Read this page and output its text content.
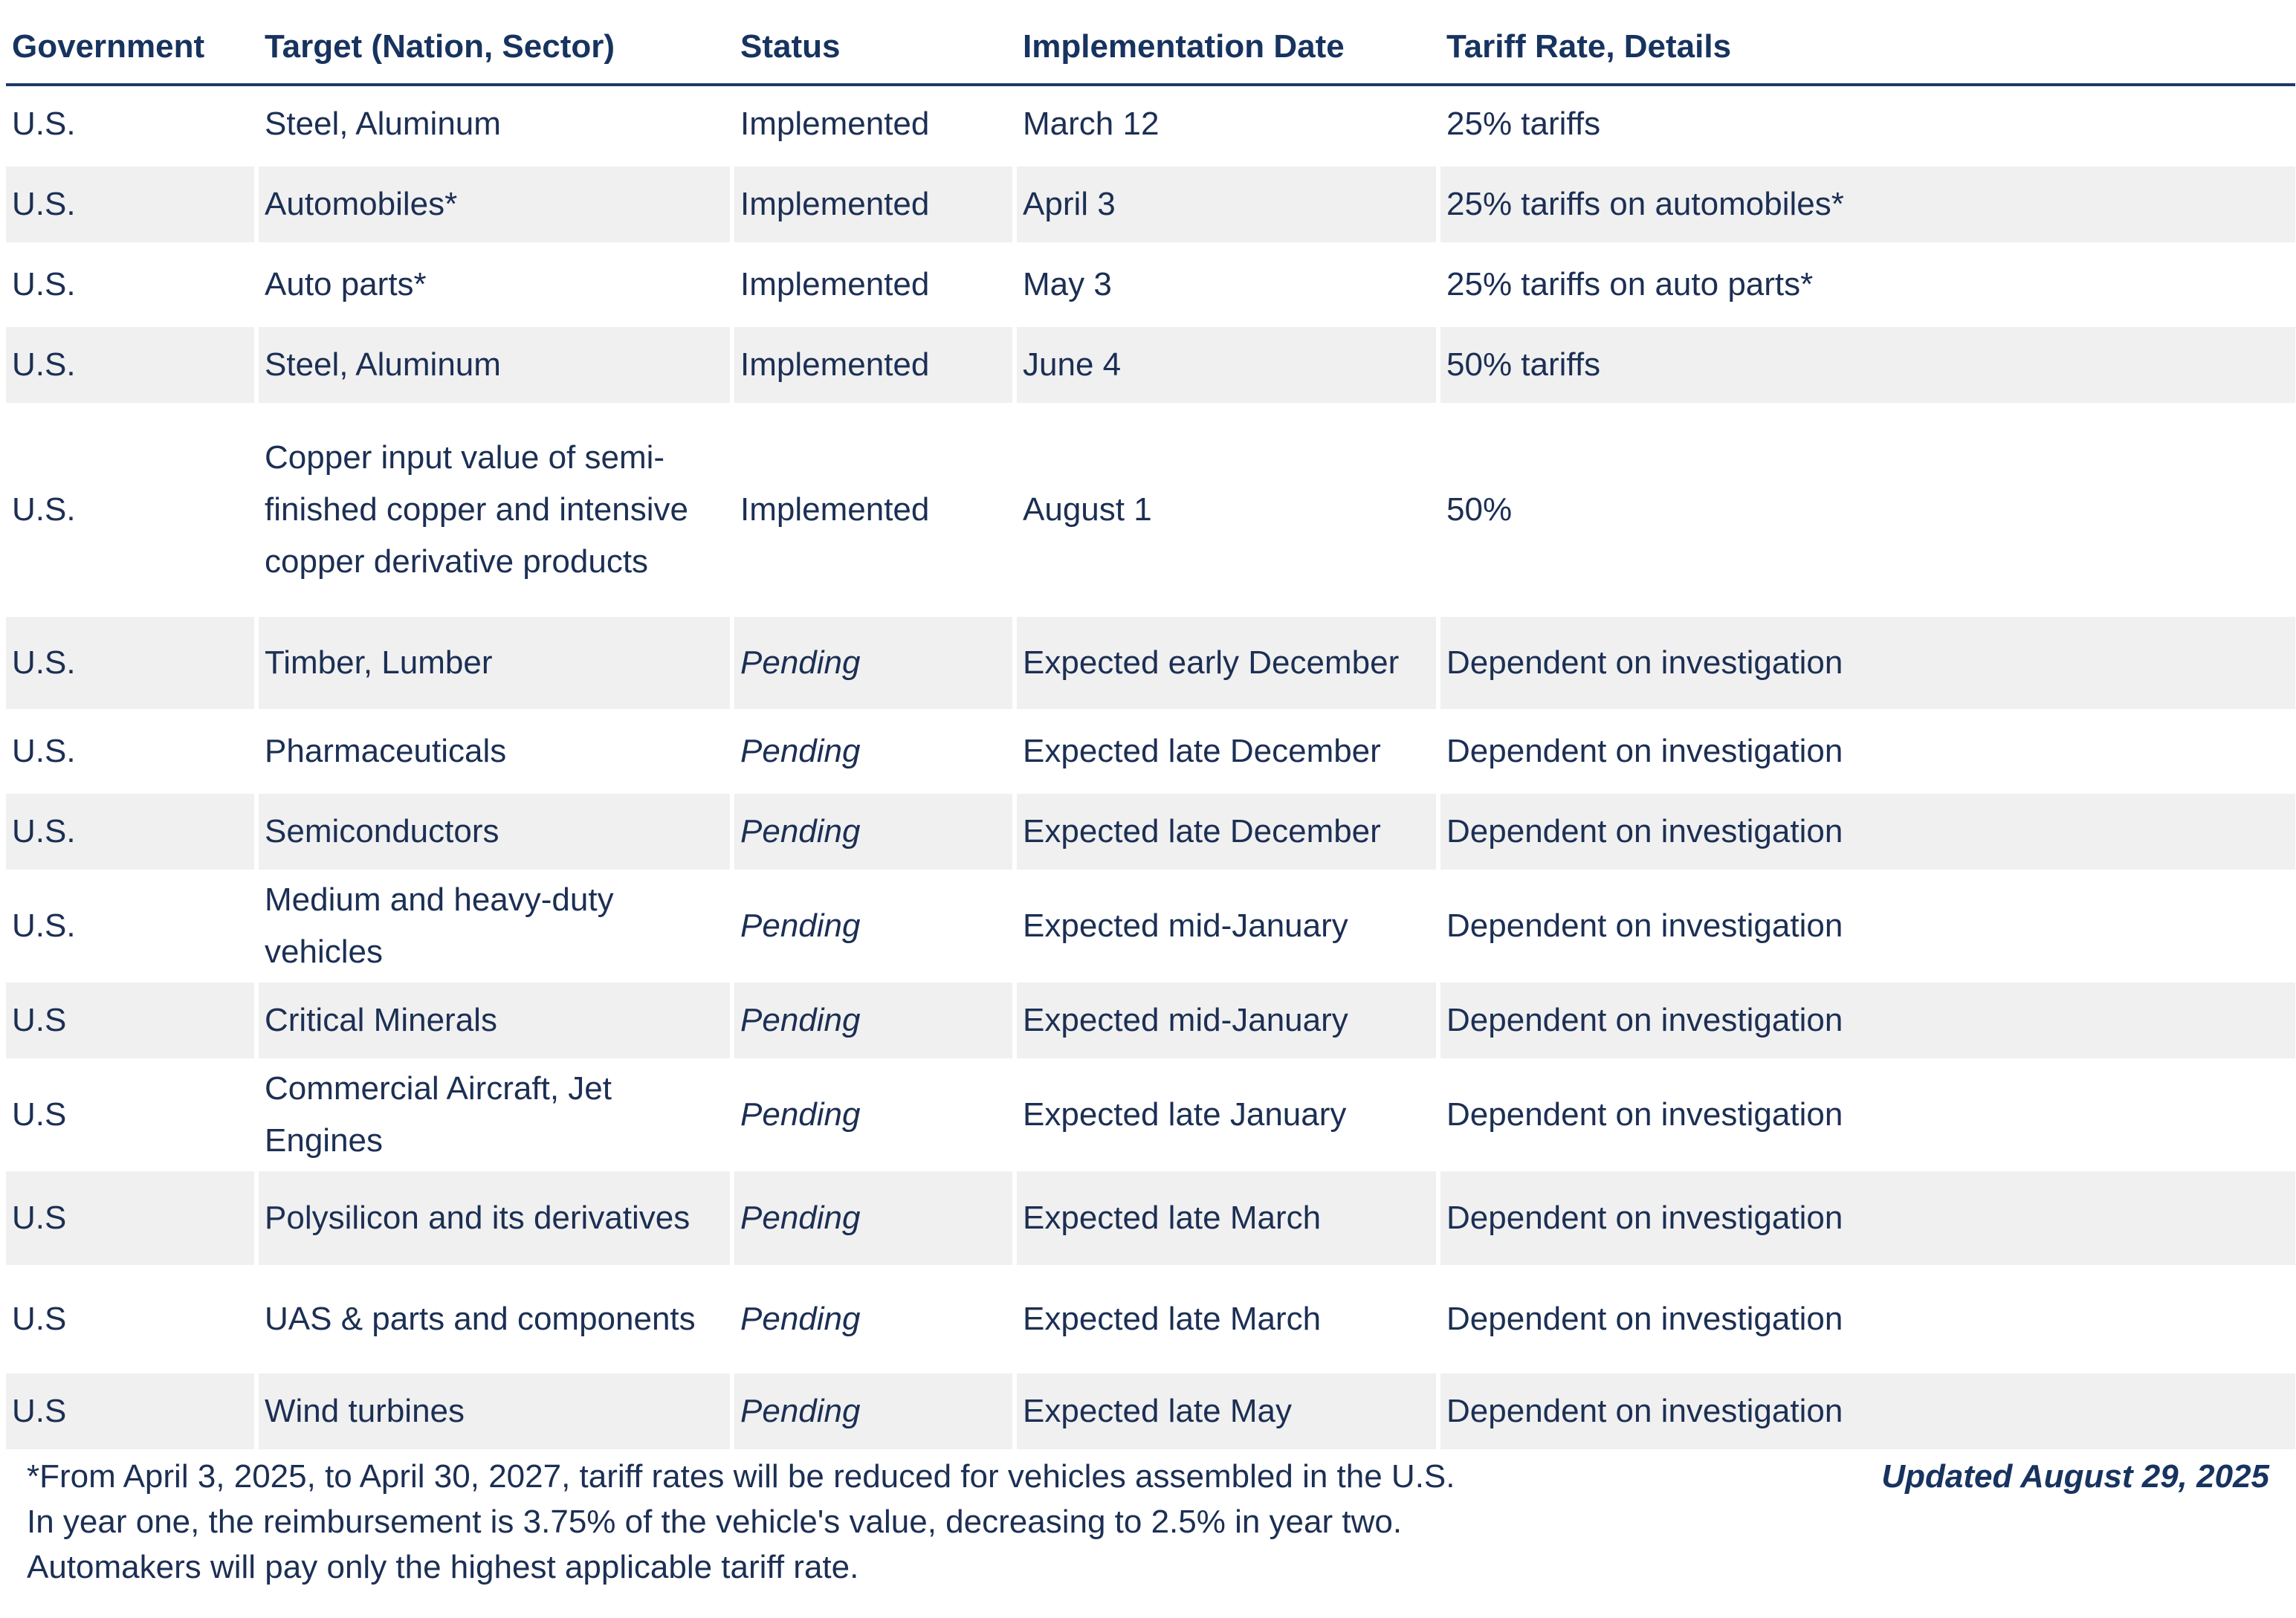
Government	Target (Nation, Sector)	Status	Implementation Date	Tariff Rate, Details
U.S.	Steel, Aluminum	Implemented	March 12	25% tariffs
U.S.	Automobiles*	Implemented	April 3	25% tariffs on automobiles*
U.S.	Auto parts*	Implemented	May 3	25% tariffs on auto parts*
U.S.	Steel, Aluminum	Implemented	June 4	50% tariffs
U.S.	Copper input value of semi-finished copper and intensive copper derivative products	Implemented	August 1	50%
U.S.	Timber, Lumber	Pending	Expected early December	Dependent on investigation
U.S.	Pharmaceuticals	Pending	Expected late December	Dependent on investigation
U.S.	Semiconductors	Pending	Expected late December	Dependent on investigation
U.S.	Medium and heavy-duty vehicles	Pending	Expected mid-January	Dependent on investigation
U.S	Critical Minerals	Pending	Expected mid-January	Dependent on investigation
U.S	Commercial Aircraft, Jet Engines	Pending	Expected late January	Dependent on investigation
U.S	Polysilicon and its derivatives	Pending	Expected late March	Dependent on investigation
U.S	UAS & parts and components	Pending	Expected late March	Dependent on investigation
U.S	Wind turbines	Pending	Expected late May	Dependent on investigation
*From April 3, 2025, to April 30, 2027, tariff rates will be reduced for vehicles assembled in the U.S. In year one, the reimbursement is 3.75% of the vehicle's value, decreasing to 2.5% in year two. Automakers will pay only the highest applicable tariff rate.
Updated August 29, 2025
